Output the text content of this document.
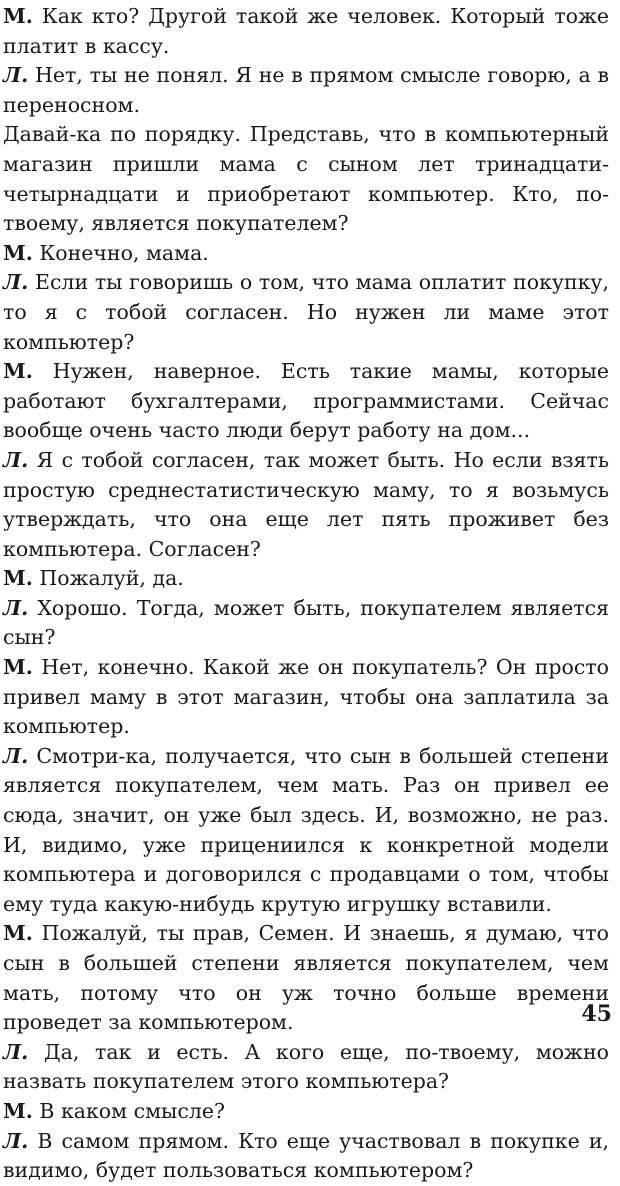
М. Как кто? Другой такой же человек. Который тоже платит в кассу.

Л. Нет, ты не понял. Я не в прямом смысле говорю, а в переносном.

Давай-ка по порядку. Представь, что в компьютерный магазин пришли мама с сыном лет тринадцати-четырнадцати и приобретают компьютер. Кто, по-твоему, является покупателем?

М. Конечно, мама.

Л. Если ты говоришь о том, что мама оплатит покупку, то я с тобой согласен. Но нужен ли маме этот компьютер?

М. Нужен, наверное. Есть такие мамы, которые работают бухгалтерами, программистами. Сейчас вообще очень часто люди берут работу на дом...

Л. Я с тобой согласен, так может быть. Но если взять простую среднестатистическую маму, то я возьмусь утверждать, что она еще лет пять проживет без компьютера. Согласен?

М. Пожалуй, да.

Л. Хорошо. Тогда, может быть, покупателем является сын?

М. Нет, конечно. Какой же он покупатель? Он просто привел маму в этот магазин, чтобы она заплатила за компьютер.

Л. Смотри-ка, получается, что сын в большей степени является покупателем, чем мать. Раз он привел ее сюда, значит, он уже был здесь. И, возможно, не раз. И, видимо, уже прицениился к конкретной модели компьютера и договорился с продавцами о том, чтобы ему туда какую-нибудь крутую игрушку вставили.

М. Пожалуй, ты прав, Семен. И знаешь, я думаю, что сын в большей степени является покупателем, чем мать, потому что он уж точно больше времени проведет за компьютером.

Л. Да, так и есть. А кого еще, по-твоему, можно назвать покупателем этого компьютера?

М. В каком смысле?

Л. В самом прямом. Кто еще участвовал в покупке и, видимо, будет пользоваться компьютером?

45
